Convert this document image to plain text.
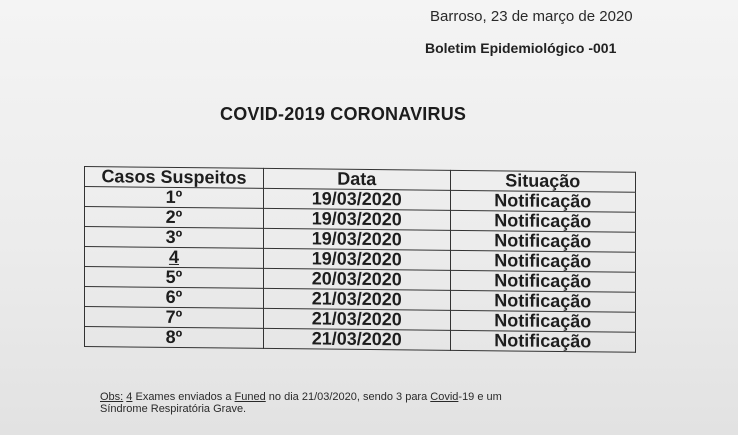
Barroso, 23 de março de 2020
Boletim Epidemiológico -001
COVID-2019 CORONAVIRUS
Casos Suspeitos	Data	Situação
1º	19/03/2020	Notificação
2º	19/03/2020	Notificação
3º	19/03/2020	Notificação
4	19/03/2020	Notificação
5º	20/03/2020	Notificação
6º	21/03/2020	Notificação
7º	21/03/2020	Notificação
8º	21/03/2020	Notificação
Obs: 4 Exames enviados a Funed no dia 21/03/2020, sendo 3 para Covid-19 e um
Síndrome Respiratória Grave.
